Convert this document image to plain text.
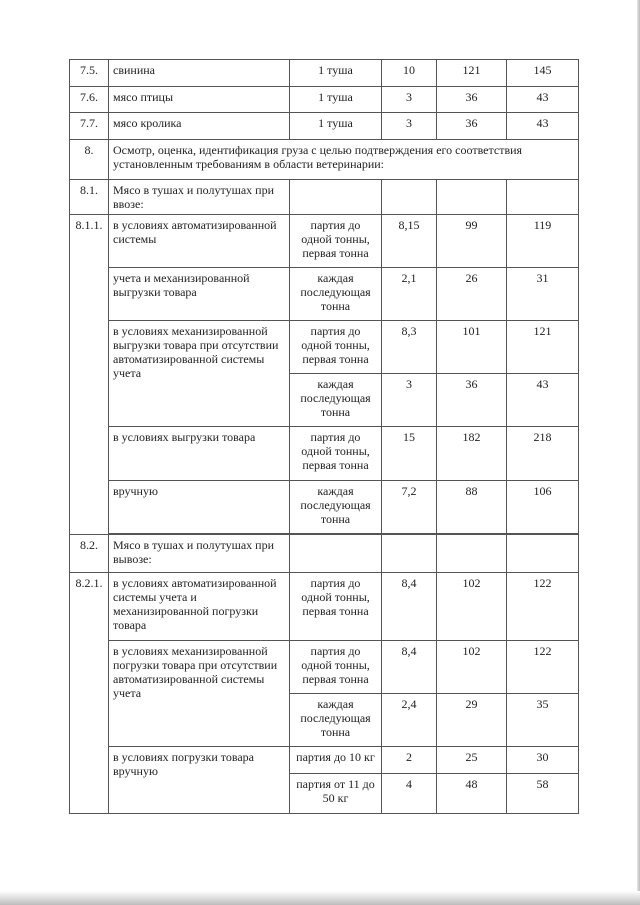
7.5.	свинина	1 туша	10	121	145
7.6.	мясо птицы	1 туша	3	36	43
7.7.	мясо кролика	1 туша	3	36	43
8.	Осмотр, оценка, идентификация груза с целью подтверждения его соответствия установленным требованиям в области ветеринарии:				
8.1.	Мясо в тушах и полутушах при ввозе:				
8.1.1.	в условиях автоматизированной системы	партия до одной тонны, первая тонна	8,15	99	119
	учета и механизированной выгрузки товара	каждая последующая тонна	2,1	26	31
	в условиях механизированной выгрузки товара при отсутствии автоматизированной системы учета	партия до одной тонны, первая тонна	8,3	101	121
		каждая последующая тонна	3	36	43
	в условиях выгрузки товара	партия до одной тонны, первая тонна	15	182	218
	вручную	каждая последующая тонна	7,2	88	106

8.2.	Мясо в тушах и полутушах при вывозе:				
8.2.1.	в условиях автоматизированной системы учета и механизированной погрузки товара	партия до одной тонны, первая тонна	8,4	102	122
	в условиях механизированной погрузки товара при отсутствии автоматизированной системы учета	партия до одной тонны, первая тонна	8,4	102	122
		каждая последующая тонна	2,4	29	35
	в условиях погрузки товара вручную	партия до 10 кг	2	25	30
		партия от 11 до 50 кг	4	48	58
